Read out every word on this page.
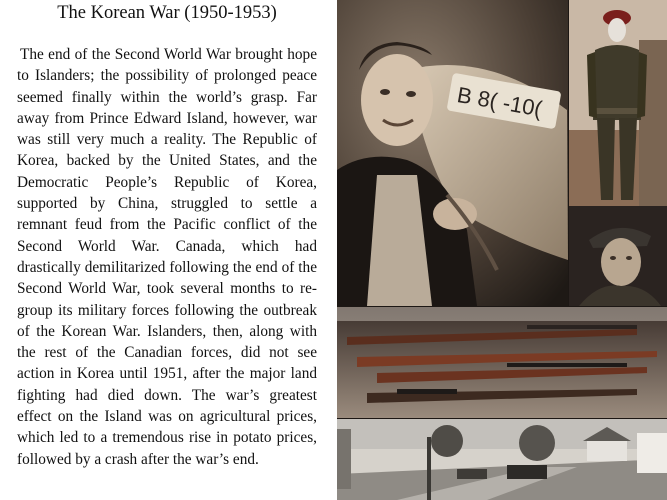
The Korean War (1950-1953)

The end of the Second World War brought hope to Islanders; the possibility of prolonged peace seemed finally within the world’s grasp. Far away from Prince Edward Island, however, war was still very much a reality. The Republic of Korea, backed by the United States, and the Democratic People’s Republic of Korea, supported by China, struggled to settle a remnant feud from the Pacific conflict of the Second World War. Canada, which had drastically demilitarized following the end of the Second World War, took several months to regroup its military forces following the outbreak of the Korean War. Islanders, then, along with the rest of the Canadian forces, did not see action in Korea until 1951, after the major land fighting had died down. The war’s greatest effect on the Island was on agricultural prices, which led to a tremendous rise in potato prices, followed by a crash after the war’s end.

B 8( -10(
